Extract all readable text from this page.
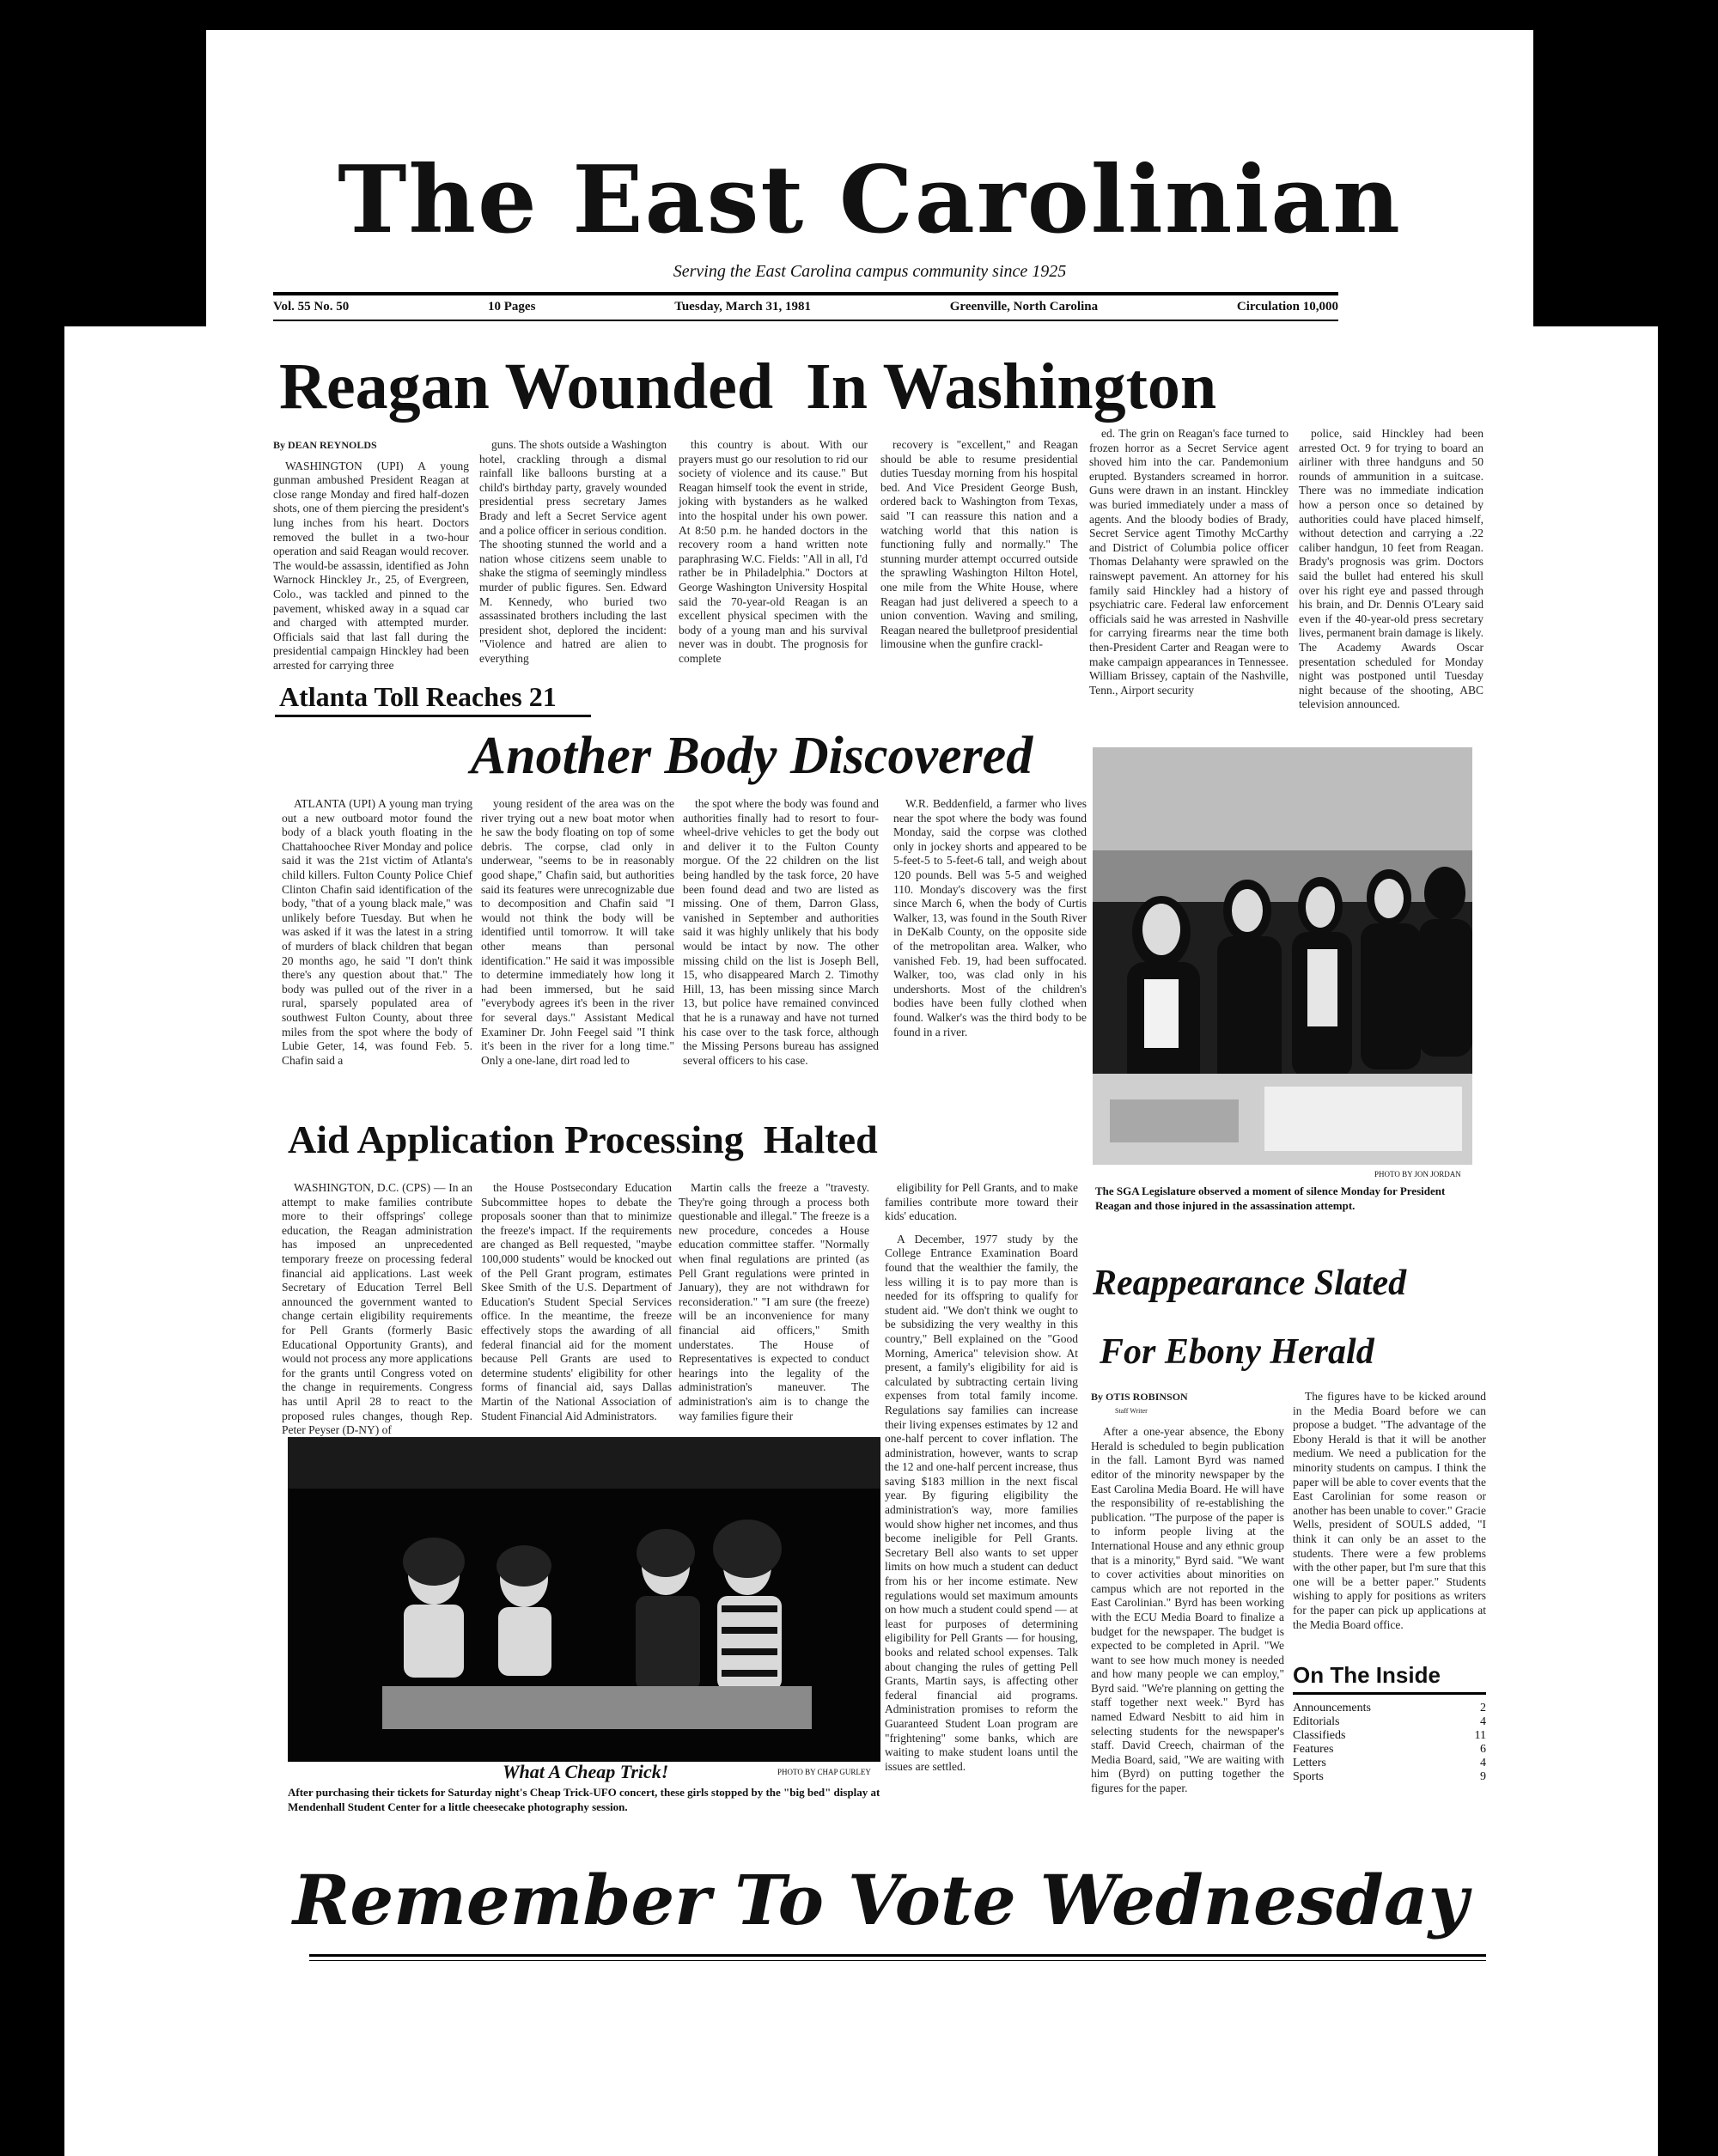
The East Carolinian
Serving the East Carolina campus community since 1925
Vol. 55 No. 50	10 Pages	Tuesday, March 31, 1981	Greenville, North Carolina	Circulation 10,000
Reagan Wounded  In Washington
By DEAN REYNOLDS

WASHINGTON (UPI) A young gunman ambushed President Reagan at close range Monday and fired half-dozen shots, one of them piercing the president's lung inches from his heart. Doctors removed the bullet in a two-hour operation and said Reagan would recover. The would-be assassin, identified as John Warnock Hinckley Jr., 25, of Evergreen, Colo., was tackled and pinned to the pavement, whisked away in a squad car and charged with attempted murder. Officials said that last fall during the presidential campaign Hinckley had been arrested for carrying three

guns. The shots outside a Washington hotel, crackling through a dismal rainfall like balloons bursting at a child's birthday party, gravely wounded presidential press secretary James Brady and left a Secret Service agent and a police officer in serious condition. The shooting stunned the world and a nation whose citizens seem unable to shake the stigma of seemingly mindless murder of public figures. Sen. Edward M. Kennedy, who buried two assassinated brothers including the last president shot, deplored the incident: "Violence and hatred are alien to everything

this country is about. With our prayers must go our resolution to rid our society of violence and its cause." But Reagan himself took the event in stride, joking with bystanders as he walked into the hospital under his own power. At 8:50 p.m. he handed doctors in the recovery room a hand written note paraphrasing W.C. Fields: "All in all, I'd rather be in Philadelphia." Doctors at George Washington University Hospital said the 70-year-old Reagan is an excellent physical specimen with the body of a young man and his survival never was in doubt. The prognosis for complete

recovery is "excellent," and Reagan should be able to resume presidential duties Tuesday morning from his hospital bed. And Vice President George Bush, ordered back to Washington from Texas, said "I can reassure this nation and a watching world that this nation is functioning fully and normally." The stunning murder attempt occurred outside the sprawling Washington Hilton Hotel, one mile from the White House, where Reagan had just delivered a speech to a union convention. Waving and smiling, Reagan neared the bulletproof presidential limousine when the gunfire crackl-

ed. The grin on Reagan's face turned to frozen horror as a Secret Service agent shoved him into the car. Pandemonium erupted. Bystanders screamed in horror. Guns were drawn in an instant. Hinckley was buried immediately under a mass of agents. And the bloody bodies of Brady, Secret Service agent Timothy McCarthy and District of Columbia police officer Thomas Delahanty were sprawled on the rainswept pavement. An attorney for his family said Hinckley had a history of psychiatric care. Federal law enforcement officials said he was arrested in Nashville for carrying firearms near the time both then-President Carter and Reagan were to make campaign appearances in Tennessee. William Brissey, captain of the Nashville, Tenn., Airport security

police, said Hinckley had been arrested Oct. 9 for trying to board an airliner with three handguns and 50 rounds of ammunition in a suitcase. There was no immediate indication how a person once so detained by authorities could have placed himself, without detection and carrying a .22 caliber handgun, 10 feet from Reagan. Brady's prognosis was grim. Doctors said the bullet had entered his skull over his right eye and passed through his brain, and Dr. Dennis O'Leary said even if the 40-year-old press secretary lives, permanent brain damage is likely. The Academy Awards Oscar presentation scheduled for Monday night was postponed until Tuesday night because of the shooting, ABC television announced.

Atlanta Toll Reaches 21
Another Body Discovered

ATLANTA (UPI) A young man trying out a new outboard motor found the body of a black youth floating in the Chattahoochee River Monday and police said it was the 21st victim of Atlanta's child killers. Fulton County Police Chief Clinton Chafin said identification of the body, "that of a young black male," was unlikely before Tuesday. But when he was asked if it was the latest in a string of murders of black children that began 20 months ago, he said "I don't think there's any question about that." The body was pulled out of the river in a rural, sparsely populated area of southwest Fulton County, about three miles from the spot where the body of Lubie Geter, 14, was found Feb. 5. Chafin said a

young resident of the area was on the river trying out a new boat motor when he saw the body floating on top of some debris. The corpse, clad only in underwear, "seems to be in reasonably good shape," Chafin said, but authorities said its features were unrecognizable due to decomposition and Chafin said "I would not think the body will be identified until tomorrow. It will take other means than personal identification." He said it was impossible to determine immediately how long it had been immersed, but he said "everybody agrees it's been in the river for several days." Assistant Medical Examiner Dr. John Feegel said "I think it's been in the river for a long time." Only a one-lane, dirt road led to

the spot where the body was found and authorities finally had to resort to four-wheel-drive vehicles to get the body out and deliver it to the Fulton County morgue. Of the 22 children on the list being handled by the task force, 20 have been found dead and two are listed as missing. One of them, Darron Glass, vanished in September and authorities said it was highly unlikely that his body would be intact by now. The other missing child on the list is Joseph Bell, 15, who disappeared March 2. Timothy Hill, 13, has been missing since March 13, but police have remained convinced that he is a runaway and have not turned his case over to the task force, although the Missing Persons bureau has assigned several officers to his case.

W.R. Beddenfield, a farmer who lives near the spot where the body was found Monday, said the corpse was clothed only in jockey shorts and appeared to be 5-feet-5 to 5-feet-6 tall, and weigh about 120 pounds. Bell was 5-5 and weighed 110. Monday's discovery was the first since March 6, when the body of Curtis Walker, 13, was found in the South River in DeKalb County, on the opposite side of the metropolitan area. Walker, who vanished Feb. 19, had been suffocated. Walker, too, was clad only in his undershorts. Most of the children's bodies have been fully clothed when found. Walker's was the third body to be found in a river.

PHOTO BY JON JORDAN
The SGA Legislature observed a moment of silence Monday for President Reagan and those injured in the assassination attempt.
Aid Application Processing  Halted

WASHINGTON, D.C. (CPS) — In an attempt to make families contribute more to their offsprings' college education, the Reagan administration has imposed an unprecedented temporary freeze on processing federal financial aid applications. Last week Secretary of Education Terrel Bell announced the government wanted to change certain eligibility requirements for Pell Grants (formerly Basic Educational Opportunity Grants), and would not process any more applications for the grants until Congress voted on the change in requirements. Congress has until April 28 to react to the proposed rules changes, though Rep. Peter Peyser (D-NY) of

the House Postsecondary Education Subcommittee hopes to debate the proposals sooner than that to minimize the freeze's impact. If the requirements are changed as Bell requested, "maybe 100,000 students" would be knocked out of the Pell Grant program, estimates Skee Smith of the U.S. Department of Education's Student Special Services office. In the meantime, the freeze effectively stops the awarding of all federal financial aid for the moment because Pell Grants are used to determine students' eligibility for other forms of financial aid, says Dallas Martin of the National Association of Student Financial Aid Administrators.

Martin calls the freeze a "travesty. They're going through a process both questionable and illegal." The freeze is a new procedure, concedes a House education committee staffer. "Normally when final regulations are printed (as Pell Grant regulations were printed in January), they are not withdrawn for reconsideration." "I am sure (the freeze) will be an inconvenience for many financial aid officers," Smith understates. The House of Representatives is expected to conduct hearings into the legality of the administration's maneuver. The administration's aim is to change the way families figure their

eligibility for Pell Grants, and to make families contribute more toward their kids' education.

A December, 1977 study by the College Entrance Examination Board found that the wealthier the family, the less willing it is to pay more than is needed for its offspring to qualify for student aid. "We don't think we ought to be subsidizing the very wealthy in this country," Bell explained on the "Good Morning, America" television show. At present, a family's eligibility for aid is calculated by subtracting certain living expenses from total family income. Regulations say families can increase their living expenses estimates by 12 and one-half percent to cover inflation. The administration, however, wants to scrap the 12 and one-half percent increase, thus saving $183 million in the next fiscal year. By figuring eligibility the administration's way, more families would show higher net incomes, and thus become ineligible for Pell Grants. Secretary Bell also wants to set upper limits on how much a student can deduct from his or her income estimate. New regulations would set maximum amounts on how much a student could spend — at least for purposes of determining eligibility for Pell Grants — for housing, books and related school expenses. Talk about changing the rules of getting Pell Grants, Martin says, is affecting other federal financial aid programs. Administration promises to reform the Guaranteed Student Loan program are "frightening" some banks, which are waiting to make student loans until the issues are settled.

What A Cheap Trick!	PHOTO BY CHAP GURLEY
After purchasing their tickets for Saturday night's Cheap Trick-UFO concert, these girls stopped by the "big bed" display at Mendenhall Student Center for a little cheesecake photography session.
Reappearance Slated
For Ebony Herald
By OTIS ROBINSON
Staff Writer

After a one-year absence, the Ebony Herald is scheduled to begin publication in the fall. Lamont Byrd was named editor of the minority newspaper by the East Carolina Media Board. He will have the responsibility of re-establishing the publication. "The purpose of the paper is to inform people living at the International House and any ethnic group that is a minority," Byrd said. "We want to cover activities about minorities on campus which are not reported in the East Carolinian." Byrd has been working with the ECU Media Board to finalize a budget for the newspaper. The budget is expected to be completed in April. "We want to see how much money is needed and how many people we can employ," Byrd said. "We're planning on getting the staff together next week." Byrd has named Edward Nesbitt to aid him in selecting students for the newspaper's staff. David Creech, chairman of the Media Board, said, "We are waiting with him (Byrd) on putting together the figures for the paper.

The figures have to be kicked around in the Media Board before we can propose a budget. "The advantage of the Ebony Herald is that it will be another medium. We need a publication for the minority students on campus. I think the paper will be able to cover events that the East Carolinian for some reason or another has been unable to cover." Gracie Wells, president of SOULS added, "I think it can only be an asset to the students. There were a few problems with the other paper, but I'm sure that this one will be a better paper." Students wishing to apply for positions as writers for the paper can pick up applications at the Media Board office.

On The Inside
Announcements	2
Editorials	4
Classifieds	11
Features	6
Letters	4
Sports	9
Remember To Vote Wednesday
